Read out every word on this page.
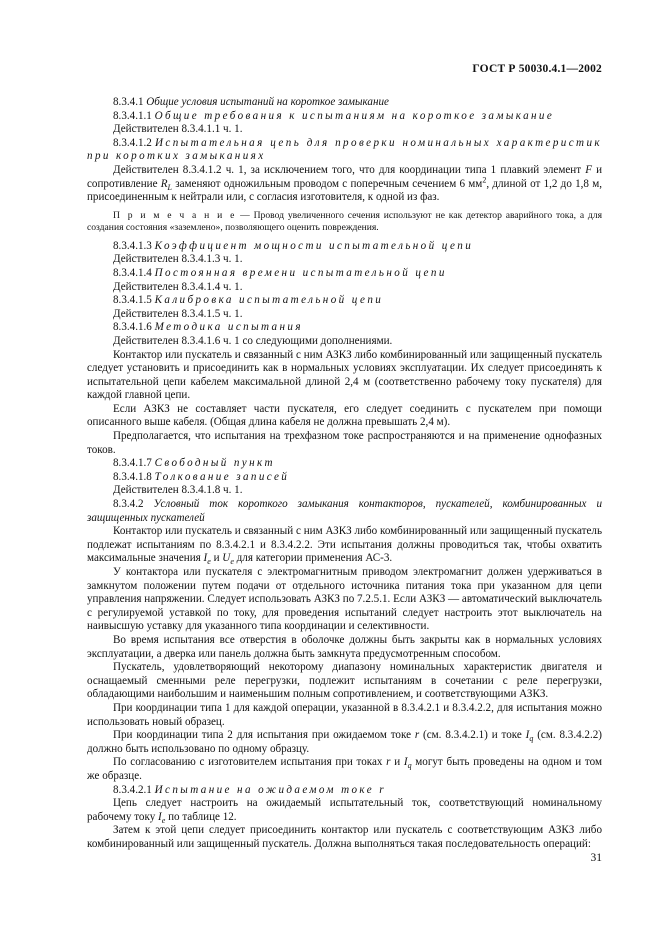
ГОСТ Р 50030.4.1—2002

8.3.4.1 Общие условия испытаний на короткое замыкание

8.3.4.1.1 Общие требования к испытаниям на короткое замыкание

Действителен 8.3.4.1.1 ч. 1.

8.3.4.1.2 Испытательная цепь для проверки номинальных характеристик при коротких замыканиях

Действителен 8.3.4.1.2 ч. 1, за исключением того, что для координации типа 1 плавкий элемент F и сопротивление $R_L$ заменяют одножильным проводом с поперечным сечением 6 $мм^2$, длиной от 1,2 до 1,8 м, присоединенным к нейтрали или, с согласия изготовителя, к одной из фаз.

П р и м е ч а н и е — Провод увеличенного сечения используют не как детектор аварийного тока, а для создания состояния «заземлено», позволяющего оценить повреждения.

8.3.4.1.3 Коэффициент мощности испытательной цепи

Действителен 8.3.4.1.3 ч. 1.

8.3.4.1.4 Постоянная времени испытательной цепи

Действителен 8.3.4.1.4 ч. 1.

8.3.4.1.5 Калибровка испытательной цепи

Действителен 8.3.4.1.5 ч. 1.

8.3.4.1.6 Методика испытания

Действителен 8.3.4.1.6 ч. 1 со следующими дополнениями.

Контактор или пускатель и связанный с ним АЗКЗ либо комбинированный или защищенный пускатель следует установить и присоединить как в нормальных условиях эксплуатации. Их следует присоединять к испытательной цепи кабелем максимальной длиной 2,4 м (соответственно рабочему току пускателя) для каждой главной цепи.

Если АЗКЗ не составляет части пускателя, его следует соединить с пускателем при помощи описанного выше кабеля. (Общая длина кабеля не должна превышать 2,4 м).

Предполагается, что испытания на трехфазном токе распространяются и на применение однофазных токов.

8.3.4.1.7 Свободный пункт

8.3.4.1.8 Толкование записей

Действителен 8.3.4.1.8 ч. 1.

8.3.4.2 Условный ток короткого замыкания контакторов, пускателей, комбинированных и защищенных пускателей

Контактор или пускатель и связанный с ним АЗКЗ либо комбинированный или защищенный пускатель подлежат испытаниям по 8.3.4.2.1 и 8.3.4.2.2. Эти испытания должны проводиться так, чтобы охватить максимальные значения $I_e$ и $U_e$ для категории применения АС-3.

У контактора или пускателя с электромагнитным приводом электромагнит должен удерживаться в замкнутом положении путем подачи от отдельного источника питания тока при указанном для цепи управления напряжении. Следует использовать АЗКЗ по 7.2.5.1. Если АЗКЗ — автоматический выключатель с регулируемой уставкой по току, для проведения испытаний следует настроить этот выключатель на наивысшую уставку для указанного типа координации и селективности.

Во время испытания все отверстия в оболочке должны быть закрыты как в нормальных условиях эксплуатации, а дверка или панель должна быть замкнута предусмотренным способом.

Пускатель, удовлетворяющий некоторому диапазону номинальных характеристик двигателя и оснащаемый сменными реле перегрузки, подлежит испытаниям в сочетании с реле перегрузки, обладающими наибольшим и наименьшим полным сопротивлением, и соответствующими АЗКЗ.

При координации типа 1 для каждой операции, указанной в 8.3.4.2.1 и 8.3.4.2.2, для испытания можно использовать новый образец.

При координации типа 2 для испытания при ожидаемом токе r (см. 8.3.4.2.1) и токе $I_q$ (см. 8.3.4.2.2) должно быть использовано по одному образцу.

По согласованию с изготовителем испытания при токах r и $I_q$ могут быть проведены на одном и том же образце.

8.3.4.2.1 Испытание на ожидаемом токе r

Цепь следует настроить на ожидаемый испытательный ток, соответствующий номинальному рабочему току $I_e$ по таблице 12.

Затем к этой цепи следует присоединить контактор или пускатель с соответствующим АЗКЗ либо комбинированный или защищенный пускатель. Должна выполняться такая последовательность операций:

31
